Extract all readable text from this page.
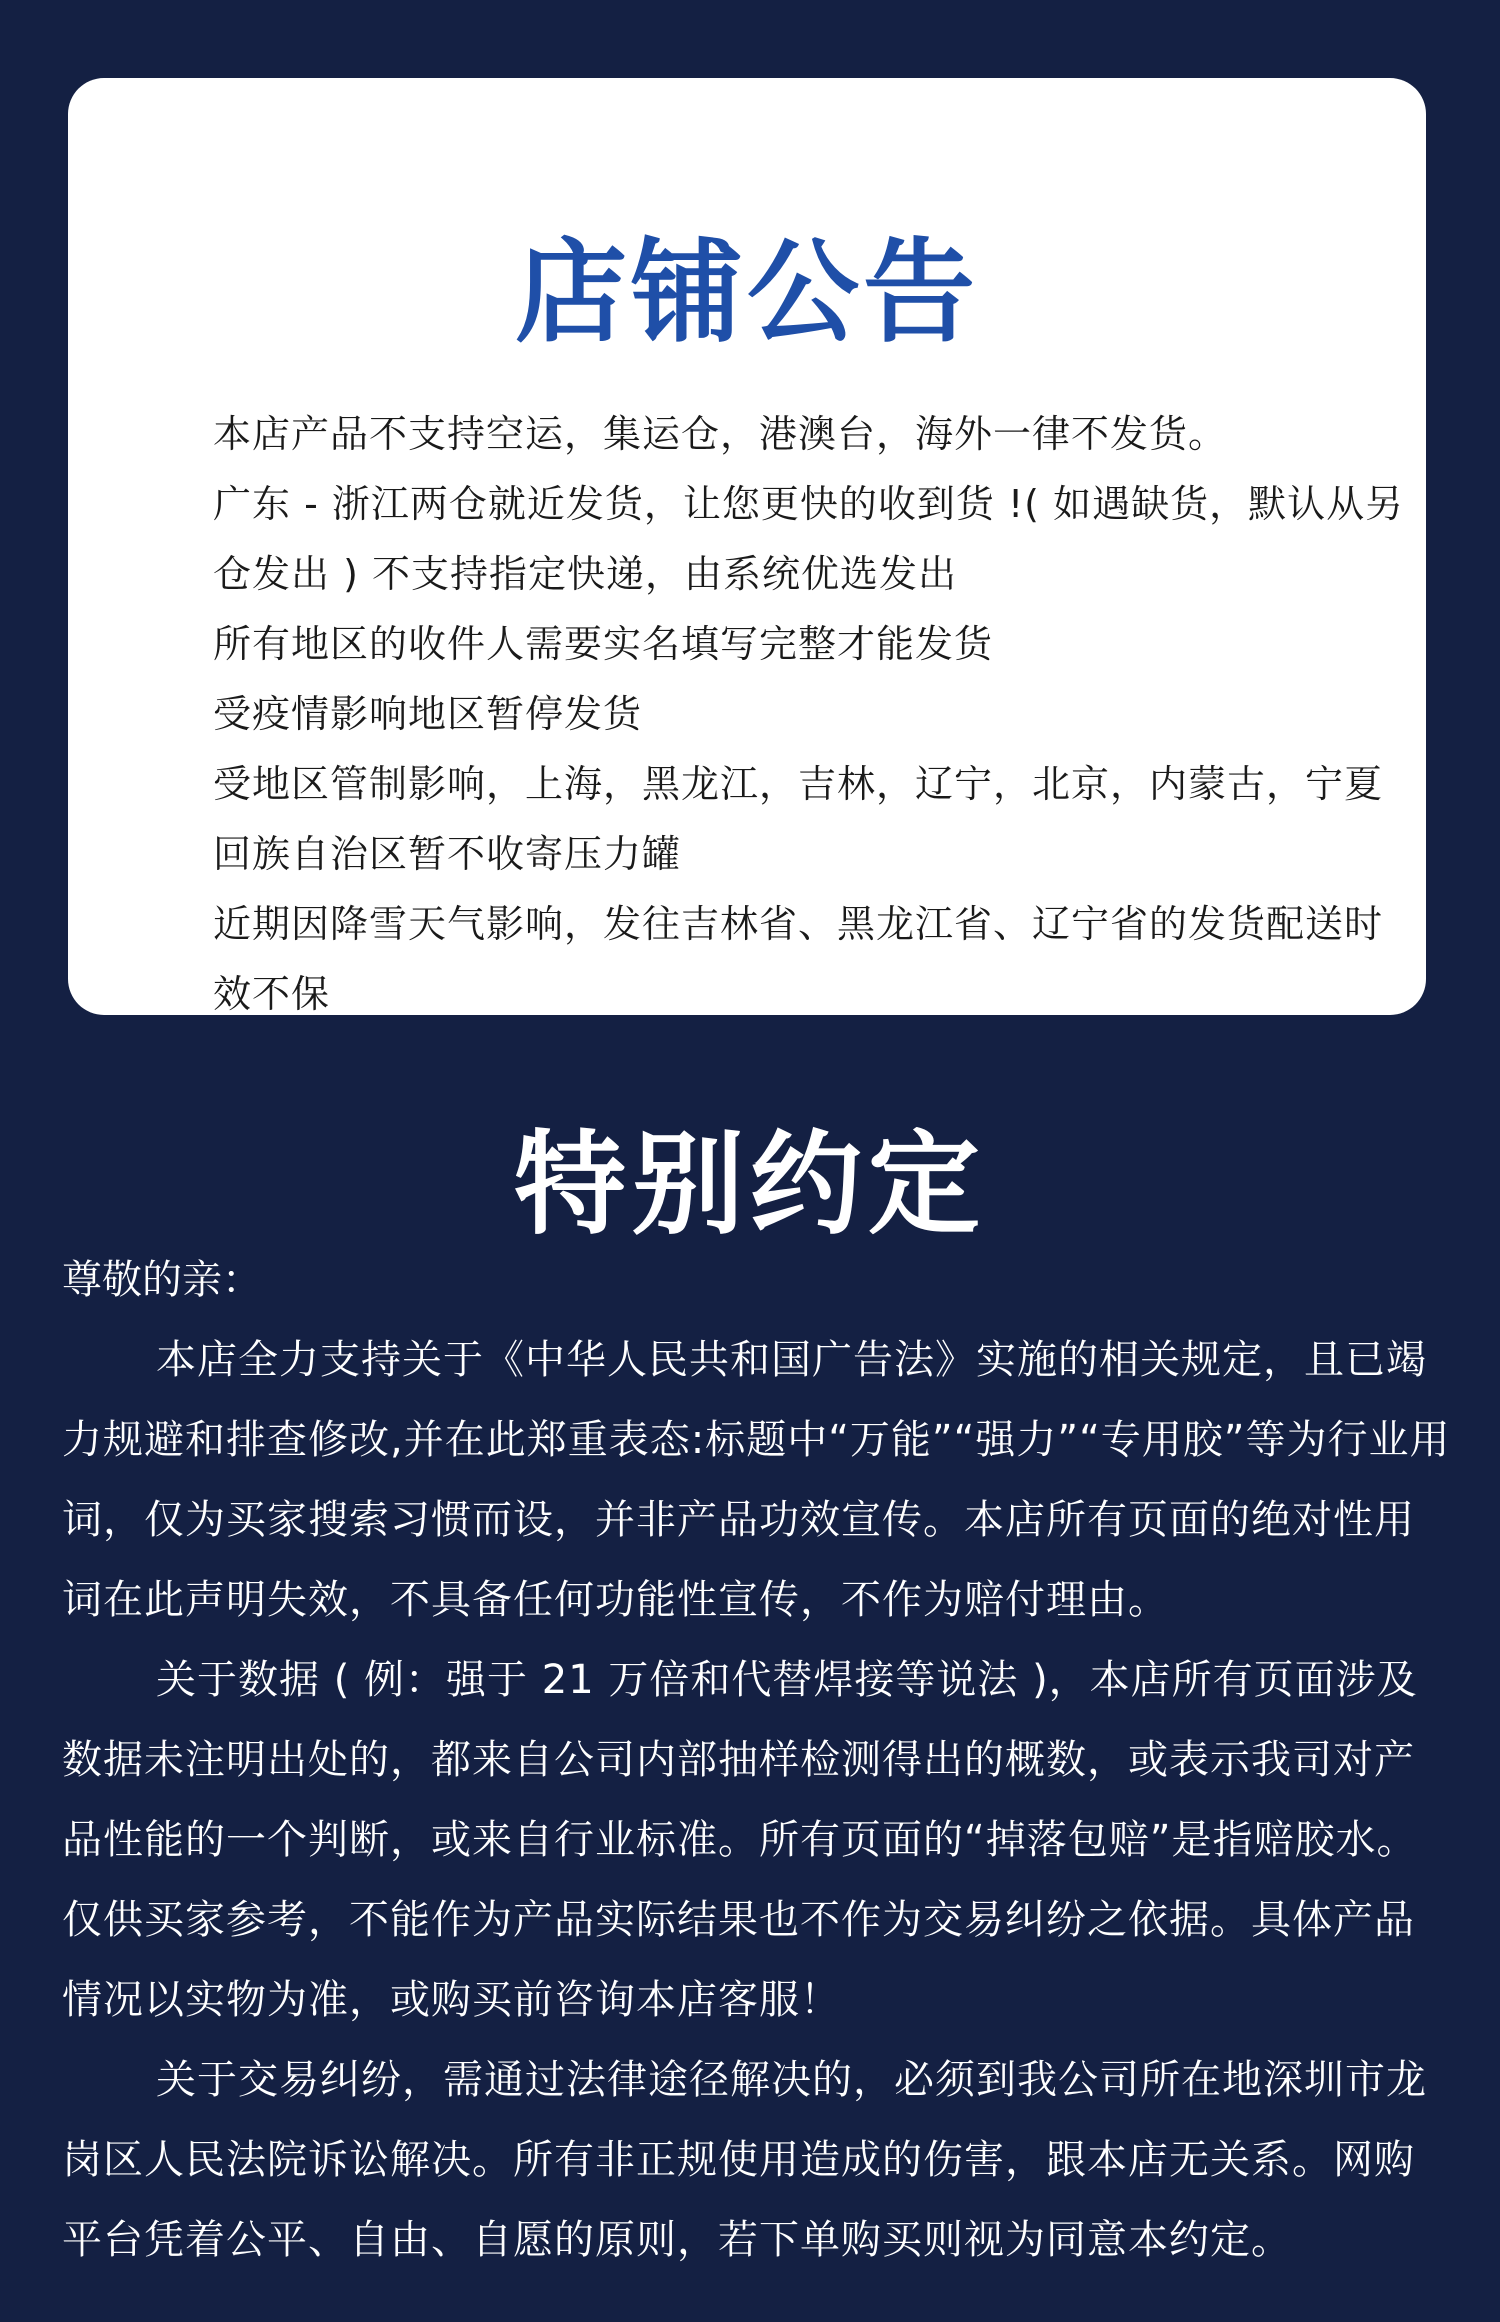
店铺公告
本店产品不支持空运，集运仓，港澳台，海外一律不发货。
广东 - 浙江两仓就近发货，让您更快的收到货 !( 如遇缺货，默认从另仓发出 ) 不支持指定快递，由系统优选发出
所有地区的收件人需要实名填写完整才能发货
受疫情影响地区暂停发货
受地区管制影响，上海，黑龙江，吉林，辽宁，北京，内蒙古，宁夏回族自治区暂不收寄压力罐
近期因降雪天气影响，发往吉林省、黑龙江省、辽宁省的发货配送时效不保
特别约定

尊敬的亲：

本店全力支持关于《中华人民共和国广告法》实施的相关规定，且已竭力规避和排查修改,并在此郑重表态:标题中“万能”“强力”“专用胶”等为行业用词，仅为买家搜索习惯而设，并非产品功效宣传。本店所有页面的绝对性用词在此声明失效，不具备任何功能性宣传，不作为赔付理由。

关于数据 ( 例：强于 21 万倍和代替焊接等说法 )，本店所有页面涉及数据未注明出处的，都来自公司内部抽样检测得出的概数，或表示我司对产品性能的一个判断，或来自行业标准。所有页面的“掉落包赔”是指赔胶水。仅供买家参考，不能作为产品实际结果也不作为交易纠纷之依据。具体产品情况以实物为准，或购买前咨询本店客服！

关于交易纠纷，需通过法律途径解决的，必须到我公司所在地深圳市龙岗区人民法院诉讼解决。所有非正规使用造成的伤害，跟本店无关系。网购平台凭着公平、自由、自愿的原则，若下单购买则视为同意本约定。
